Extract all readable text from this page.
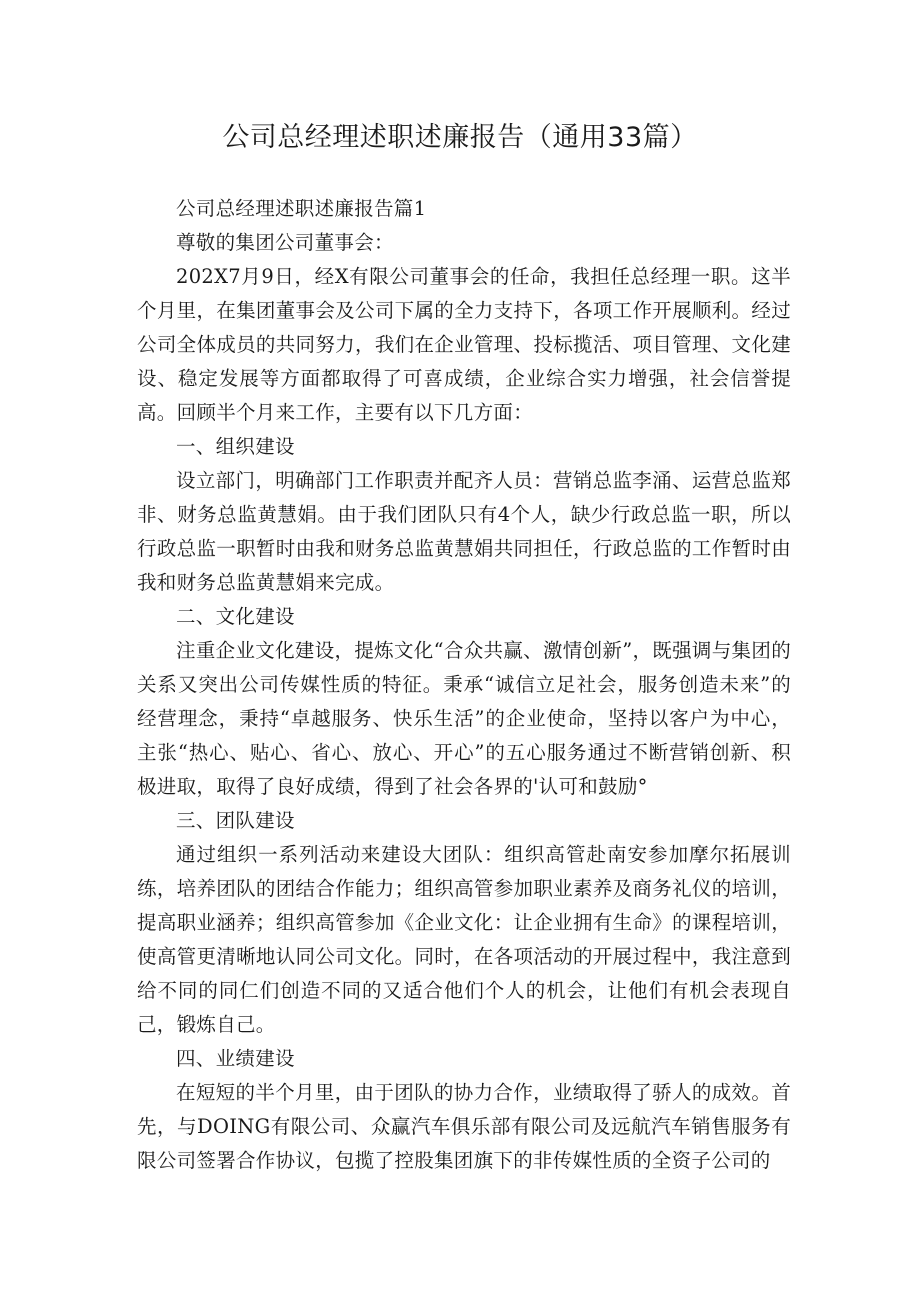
公司总经理述职述廉报告（通用33篇）

公司总经理述职述廉报告篇1

尊敬的集团公司董事会：

202X7月9日，经X有限公司董事会的任命，我担任总经理一职。这半个月里，在集团董事会及公司下属的全力支持下，各项工作开展顺利。经过公司全体成员的共同努力，我们在企业管理、投标揽活、项目管理、文化建设、稳定发展等方面都取得了可喜成绩，企业综合实力增强，社会信誉提高。回顾半个月来工作，主要有以下几方面：

一、组织建设

设立部门，明确部门工作职责并配齐人员：营销总监李涌、运营总监郑非、财务总监黄慧娟。由于我们团队只有4个人，缺少行政总监一职，所以行政总监一职暂时由我和财务总监黄慧娟共同担任，行政总监的工作暂时由我和财务总监黄慧娟来完成。

二、文化建设

注重企业文化建设，提炼文化“合众共赢、激情创新”，既强调与集团的关系又突出公司传媒性质的特征。秉承“诚信立足社会，服务创造未来”的经营理念，秉持“卓越服务、快乐生活”的企业使命，坚持以客户为中心，主张“热心、贴心、省心、放心、开心”的五心服务通过不断营销创新、积极进取，取得了良好成绩，得到了社会各界的'认可和鼓励°

三、团队建设

通过组织一系列活动来建设大团队：组织高管赴南安参加摩尔拓展训练，培养团队的团结合作能力；组织高管参加职业素养及商务礼仪的培训，提高职业涵养；组织高管参加《企业文化：让企业拥有生命》的课程培训，使高管更清晰地认同公司文化。同时，在各项活动的开展过程中，我注意到给不同的同仁们创造不同的又适合他们个人的机会，让他们有机会表现自己，锻炼自己。

四、业绩建设

在短短的半个月里，由于团队的协力合作，业绩取得了骄人的成效。首先，与DOING有限公司、众赢汽车俱乐部有限公司及远航汽车销售服务有限公司签署合作协议，包揽了控股集团旗下的非传媒性质的全资子公司的
